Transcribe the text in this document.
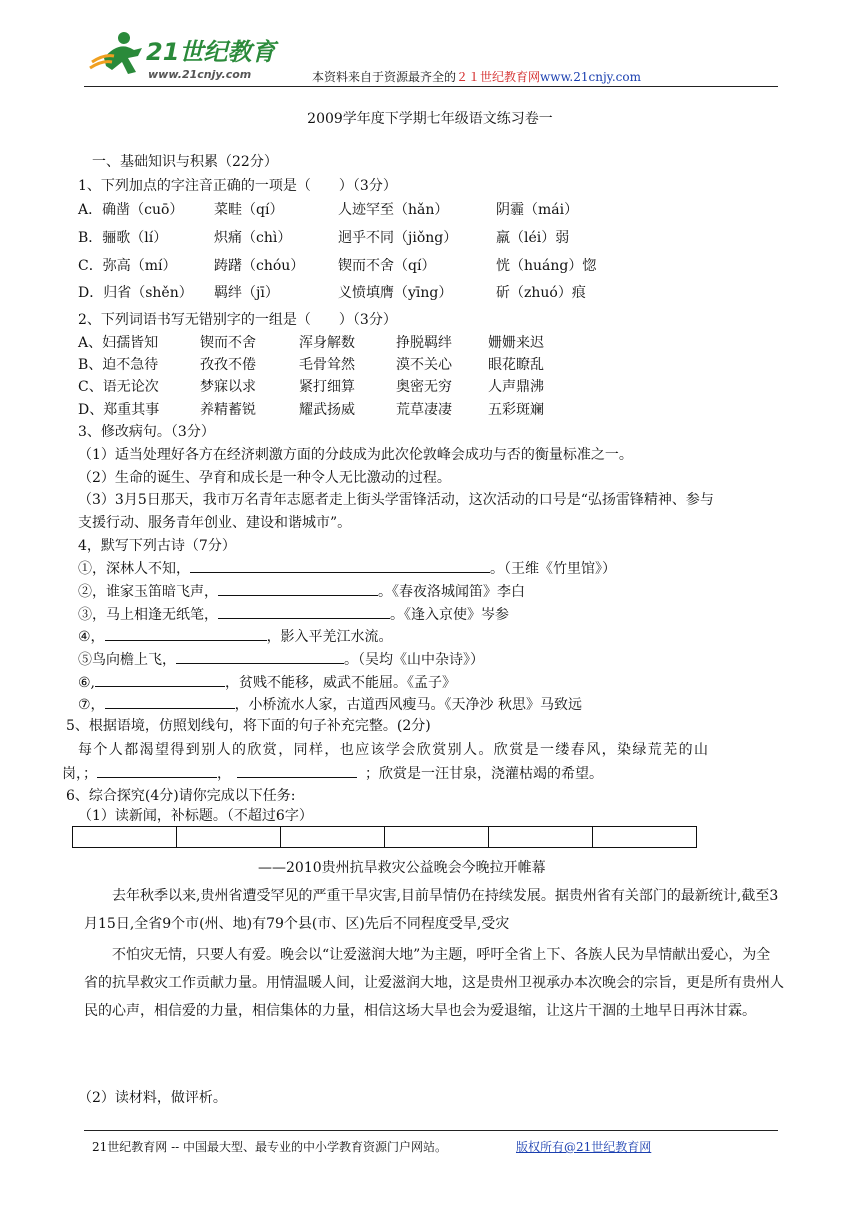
21世纪教育
www.21cnjy.com	本资料来自于资源最齐全的２１世纪教育网www.21cnjy.com
2009学年度下学期七年级语文练习卷一
一、基础知识与积累（22分）
1、下列加点的字注音正确的一项是（　　）（3分）
A．确凿（cuō） 菜畦（qí）	人迹罕至（hǎn）	阴霾（mái）
B．骊歌（lí）	炽痛（chì）	迥乎不同（jiǒng）	羸（léi）弱
C．弥高（mí）	踌躇（chóu） 锲而不舍（qí）	恍（huáng）惚
D．归省（shěn） 羁绊（jī）	义愤填膺（yīng）	斫（zhuó）痕
2、下列词语书写无错别字的一组是（　　）（3分）
A、妇孺皆知	锲而不舍	浑身解数	挣脱羁绊	姗姗来迟
B、迫不急待	孜孜不倦	毛骨耸然	漠不关心	眼花瞭乱
C、语无论次	梦寐以求	紧打细算	奥密无穷	人声鼎沸
D、郑重其事	养精蓄锐	耀武扬威	荒草凄凄	五彩斑斓
3、修改病句。（3分）
（1）适当处理好各方在经济刺激方面的分歧成为此次伦敦峰会成功与否的衡量标准之一。
（2）生命的诞生、孕育和成长是一种令人无比激动的过程。
（3）3月5日那天，我市万名青年志愿者走上街头学雷锋活动，这次活动的口号是“弘扬雷锋精神、参与
支援行动、服务青年创业、建设和谐城市”。
4，默写下列古诗（7分）
①，深林人不知，	。（王维《竹里馆》）
②，谁家玉笛暗飞声，	。《春夜洛城闻笛》李白
③，马上相逢无纸笔，	。《逢入京使》岑参
④，	，影入平羌江水流。
⑤鸟向檐上飞，	。（吴均《山中杂诗》）
⑥,	，贫贱不能移，威武不能屈。《孟子》
⑦，	，小桥流水人家，古道西风瘦马。《天净沙 秋思》马致远
5、根据语境，仿照划线句，将下面的句子补充完整。(2分)
每个人都渴望得到别人的欣赏，同样，也应该学会欣赏别人。欣赏是一缕春风，染绿荒芜的山
岗，；	，	；欣赏是一汪甘泉，浇灌枯竭的希望。
6、综合探究(4分)请你完成以下任务:
（1）读新闻，补标题。（不超过6字）
——2010贵州抗旱救灾公益晚会今晚拉开帷幕
去年秋季以来,贵州省遭受罕见的严重干旱灾害,目前旱情仍在持续发展。据贵州省有关部门的最新统计,截至3月15日,全省9个市(州、地)有79个县(市、区)先后不同程度受旱,受灾
不怕灾无情，只要人有爱。晚会以“让爱滋润大地”为主题，呼吁全省上下、各族人民为旱情献出爱心，为全省的抗旱救灾工作贡献力量。用情温暖人间，让爱滋润大地，这是贵州卫视承办本次晚会的宗旨，更是所有贵州人民的心声，相信爱的力量，相信集体的力量，相信这场大旱也会为爱退缩，让这片干涸的土地早日再沐甘霖。
（2）读材料，做评析。
21世纪教育网 -- 中国最大型、最专业的中小学教育资源门户网站。	版权所有@21世纪教育网
